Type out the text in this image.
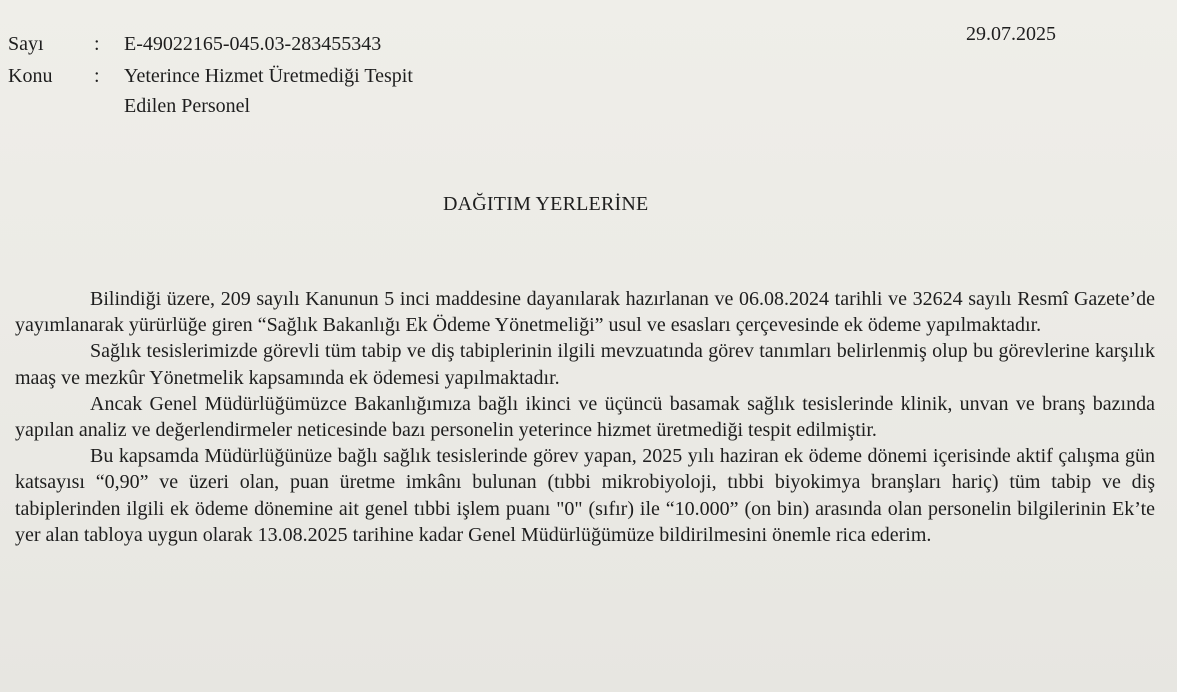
Sayı	: E-49022165-045.03-283455343
Konu	: Yeterince Hizmet Üretmediği Tespit
Edilen Personel
29.07.2025
DAĞITIM YERLERİNE

Bilindiği üzere, 209 sayılı Kanunun 5 inci maddesine dayanılarak hazırlanan ve 06.08.2024 tarihli ve 32624 sayılı Resmî Gazete’de yayımlanarak yürürlüğe giren “Sağlık Bakanlığı Ek Ödeme Yönetmeliği” usul ve esasları çerçevesinde ek ödeme yapılmaktadır.

Sağlık tesislerimizde görevli tüm tabip ve diş tabiplerinin ilgili mevzuatında görev tanımları belirlenmiş olup bu görevlerine karşılık maaş ve mezkûr Yönetmelik kapsamında ek ödemesi yapılmaktadır.

Ancak Genel Müdürlüğümüzce Bakanlığımıza bağlı ikinci ve üçüncü basamak sağlık tesislerinde klinik, unvan ve branş bazında yapılan analiz ve değerlendirmeler neticesinde bazı personelin yeterince hizmet üretmediği tespit edilmiştir.

Bu kapsamda Müdürlüğünüze bağlı sağlık tesislerinde görev yapan, 2025 yılı haziran ek ödeme dönemi içerisinde aktif çalışma gün katsayısı “0,90” ve üzeri olan, puan üretme imkânı bulunan (tıbbi mikrobiyoloji, tıbbi biyokimya branşları hariç) tüm tabip ve diş tabiplerinden ilgili ek ödeme dönemine ait genel tıbbi işlem puanı "0" (sıfır) ile “10.000” (on bin) arasında olan personelin bilgilerinin Ek’te yer alan tabloya uygun olarak 13.08.2025 tarihine kadar Genel Müdürlüğümüze bildirilmesini önemle rica ederim.
